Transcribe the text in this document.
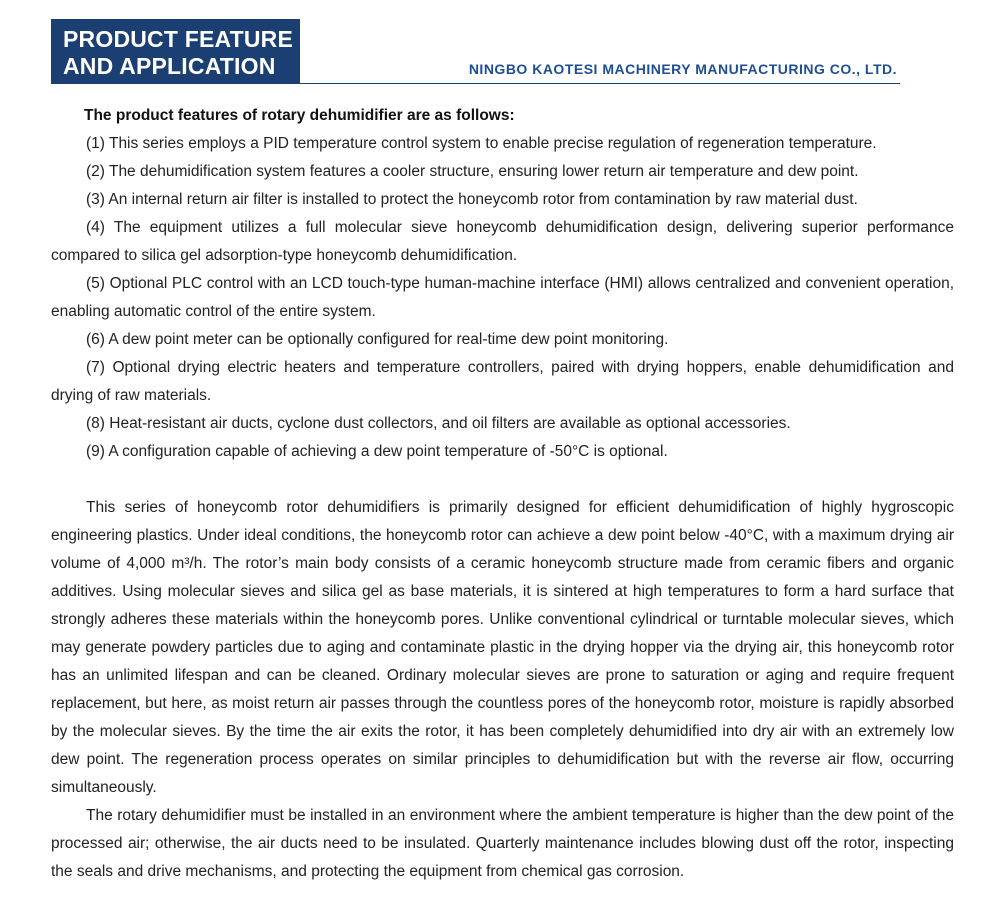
PRODUCT FEATURE
AND APPLICATION	NINGBO KAOTESI MACHINERY MANUFACTURING CO., LTD.

The product features of rotary dehumidifier are as follows:

(1) This series employs a PID temperature control system to enable precise regulation of regeneration temperature.

(2) The dehumidification system features a cooler structure, ensuring lower return air temperature and dew point.

(3) An internal return air filter is installed to protect the honeycomb rotor from contamination by raw material dust.

(4) The equipment utilizes a full molecular sieve honeycomb dehumidification design, delivering superior performance compared to silica gel adsorption-type honeycomb dehumidification.

(5) Optional PLC control with an LCD touch-type human-machine interface (HMI) allows centralized and convenient operation, enabling automatic control of the entire system.

(6) A dew point meter can be optionally configured for real-time dew point monitoring.

(7) Optional drying electric heaters and temperature controllers, paired with drying hoppers, enable dehumidification and drying of raw materials.

(8) Heat-resistant air ducts, cyclone dust collectors, and oil filters are available as optional accessories.

(9) A configuration capable of achieving a dew point temperature of -50°C is optional.

This series of honeycomb rotor dehumidifiers is primarily designed for efficient dehumidification of highly hygroscopic engineering plastics. Under ideal conditions, the honeycomb rotor can achieve a dew point below -40°C, with a maximum drying air volume of 4,000 m³/h. The rotor’s main body consists of a ceramic honeycomb structure made from ceramic fibers and organic additives. Using molecular sieves and silica gel as base materials, it is sintered at high temperatures to form a hard surface that strongly adheres these materials within the honeycomb pores. Unlike conventional cylindrical or turntable molecular sieves, which may generate powdery particles due to aging and contaminate plastic in the drying hopper via the drying air, this honeycomb rotor has an unlimited lifespan and can be cleaned. Ordinary molecular sieves are prone to saturation or aging and require frequent replacement, but here, as moist return air passes through the countless pores of the honeycomb rotor, moisture is rapidly absorbed by the molecular sieves. By the time the air exits the rotor, it has been completely dehumidified into dry air with an extremely low dew point. The regeneration process operates on similar principles to dehumidification but with the reverse air flow, occurring simultaneously.

The rotary dehumidifier must be installed in an environment where the ambient temperature is higher than the dew point of the processed air; otherwise, the air ducts need to be insulated. Quarterly maintenance includes blowing dust off the rotor, inspecting the seals and drive mechanisms, and protecting the equipment from chemical gas corrosion.
